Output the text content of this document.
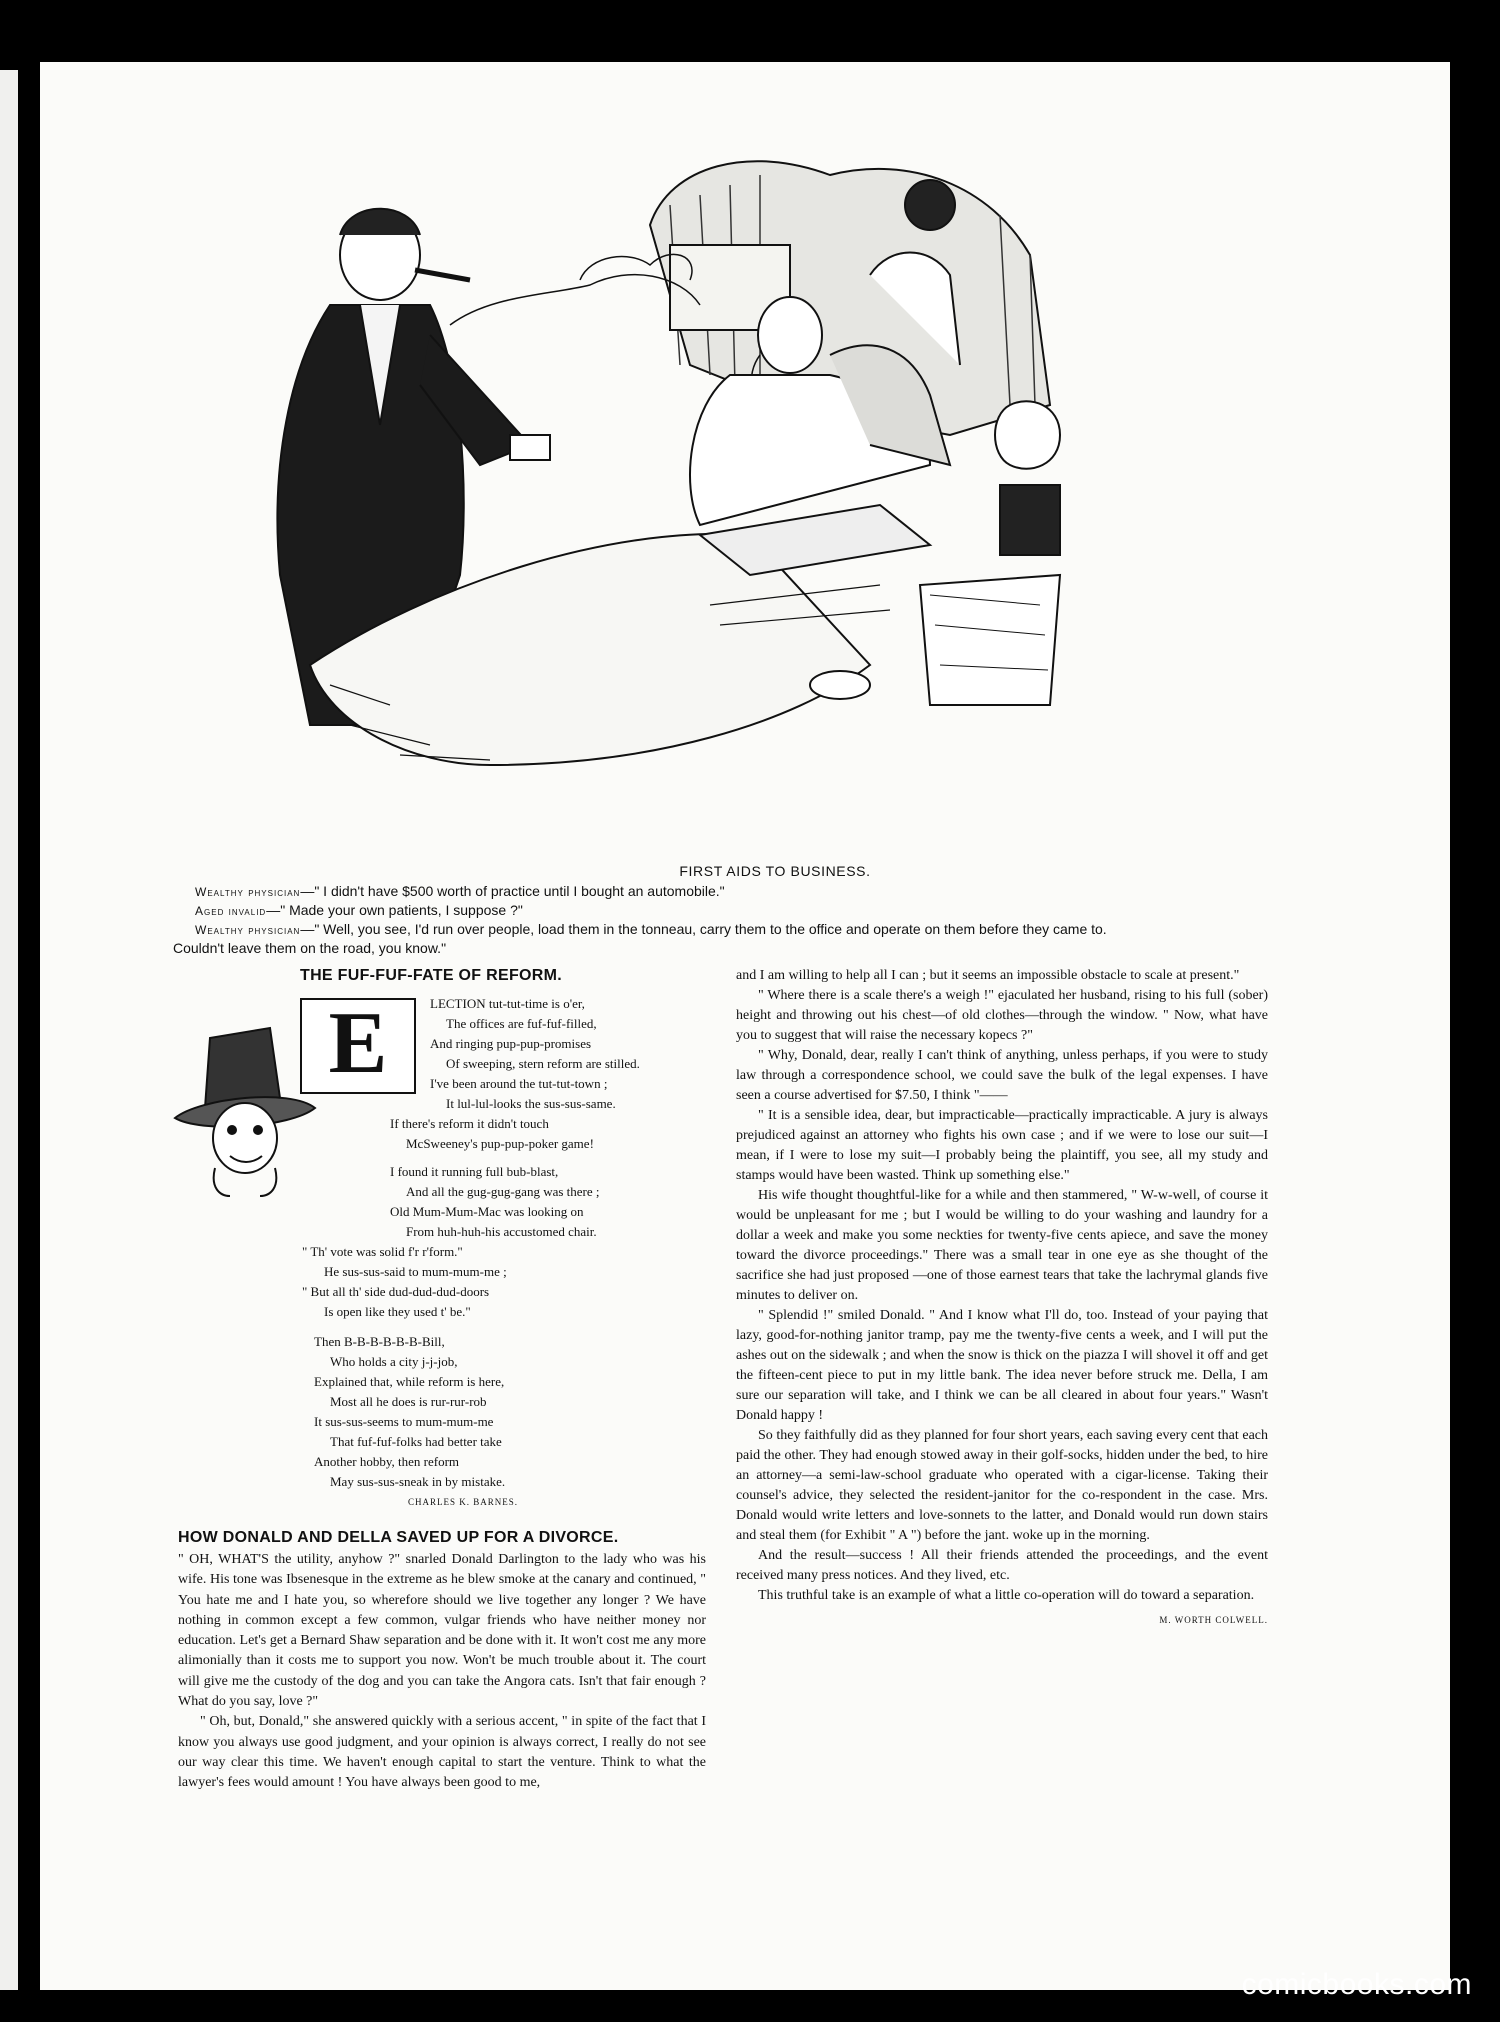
FIRST AIDS TO BUSINESS.
Wealthy physician—" I didn't have $500 worth of practice until I bought an automobile."
Aged invalid—" Made your own patients, I suppose ?"
Wealthy physician—" Well, you see, I'd run over people, load them in the tonneau, carry them to the office and operate on them before they came to.
Couldn't leave them on the road, you know."
THE FUF-FUF-FATE OF REFORM.
E	LECTION tut-tut-time is o'er,
The offices are fuf-fuf-filled,
And ringing pup-pup-promises
Of sweeping, stern reform are stilled.
I've been around the tut-tut-town ;
It lul-lul-looks the sus-sus-same.
If there's reform it didn't touch
McSweeney's pup-pup-poker game!
I found it running full bub-blast,
And all the gug-gug-gang was there ;
Old Mum-Mum-Mac was looking on
From huh-huh-his accustomed chair.
" Th' vote was solid f'r r'form."
He sus-sus-said to mum-mum-me ;
" But all th' side dud-dud-dud-doors
Is open like they used t' be."
Then B-B-B-B-B-B-Bill,
Who holds a city j-j-job,
Explained that, while reform is here,
Most all he does is rur-rur-rob
It sus-sus-seems to mum-mum-me
That fuf-fuf-folks had better take
Another hobby, then reform
May sus-sus-sneak in by mistake.
CHARLES K. BARNES.
HOW DONALD AND DELLA SAVED UP FOR A DIVORCE.

" OH, WHAT'S the utility, anyhow ?" snarled Donald Darlington to the lady who was his wife. His tone was Ibsenesque in the extreme as he blew smoke at the canary and continued, " You hate me and I hate you, so wherefore should we live together any longer ? We have nothing in common except a few common, vulgar friends who have neither money nor education. Let's get a Bernard Shaw separation and be done with it. It won't cost me any more alimonially than it costs me to support you now. Won't be much trouble about it. The court will give me the custody of the dog and you can take the Angora cats. Isn't that fair enough ? What do you say, love ?"

" Oh, but, Donald," she answered quickly with a serious accent, " in spite of the fact that I know you always use good judgment, and your opinion is always correct, I really do not see our way clear this time. We haven't enough capital to start the venture. Think to what the lawyer's fees would amount ! You have always been good to me,

and I am willing to help all I can ; but it seems an impossible obstacle to scale at present."

" Where there is a scale there's a weigh !" ejaculated her husband, rising to his full (sober) height and throwing out his chest—of old clothes—through the window. " Now, what have you to suggest that will raise the necessary kopecs ?"

" Why, Donald, dear, really I can't think of anything, unless perhaps, if you were to study law through a correspondence school, we could save the bulk of the legal expenses. I have seen a course advertised for $7.50, I think "——

" It is a sensible idea, dear, but impracticable—practically impracticable. A jury is always prejudiced against an attorney who fights his own case ; and if we were to lose our suit—I mean, if I were to lose my suit—I probably being the plaintiff, you see, all my study and stamps would have been wasted. Think up something else."

His wife thought thoughtful-like for a while and then stammered, " W-w-well, of course it would be unpleasant for me ; but I would be willing to do your washing and laundry for a dollar a week and make you some neckties for twenty-five cents apiece, and save the money toward the divorce proceedings." There was a small tear in one eye as she thought of the sacrifice she had just proposed —one of those earnest tears that take the lachrymal glands five minutes to deliver on.

" Splendid !" smiled Donald. " And I know what I'll do, too. Instead of your paying that lazy, good-for-nothing janitor tramp, pay me the twenty-five cents a week, and I will put the ashes out on the sidewalk ; and when the snow is thick on the piazza I will shovel it off and get the fifteen-cent piece to put in my little bank. The idea never before struck me. Della, I am sure our separation will take, and I think we can be all cleared in about four years." Wasn't Donald happy !

So they faithfully did as they planned for four short years, each saving every cent that each paid the other. They had enough stowed away in their golf-socks, hidden under the bed, to hire an attorney—a semi-law-school graduate who operated with a cigar-license. Taking their counsel's advice, they selected the resident-janitor for the co-respondent in the case. Mrs. Donald would write letters and love-sonnets to the latter, and Donald would run down stairs and steal them (for Exhibit " A ") before the jant. woke up in the morning.

And the result—success ! All their friends attended the proceedings, and the event received many press notices. And they lived, etc.

This truthful take is an example of what a little co-operation will do toward a separation.
M. WORTH COLWELL.

comicbooks.com
